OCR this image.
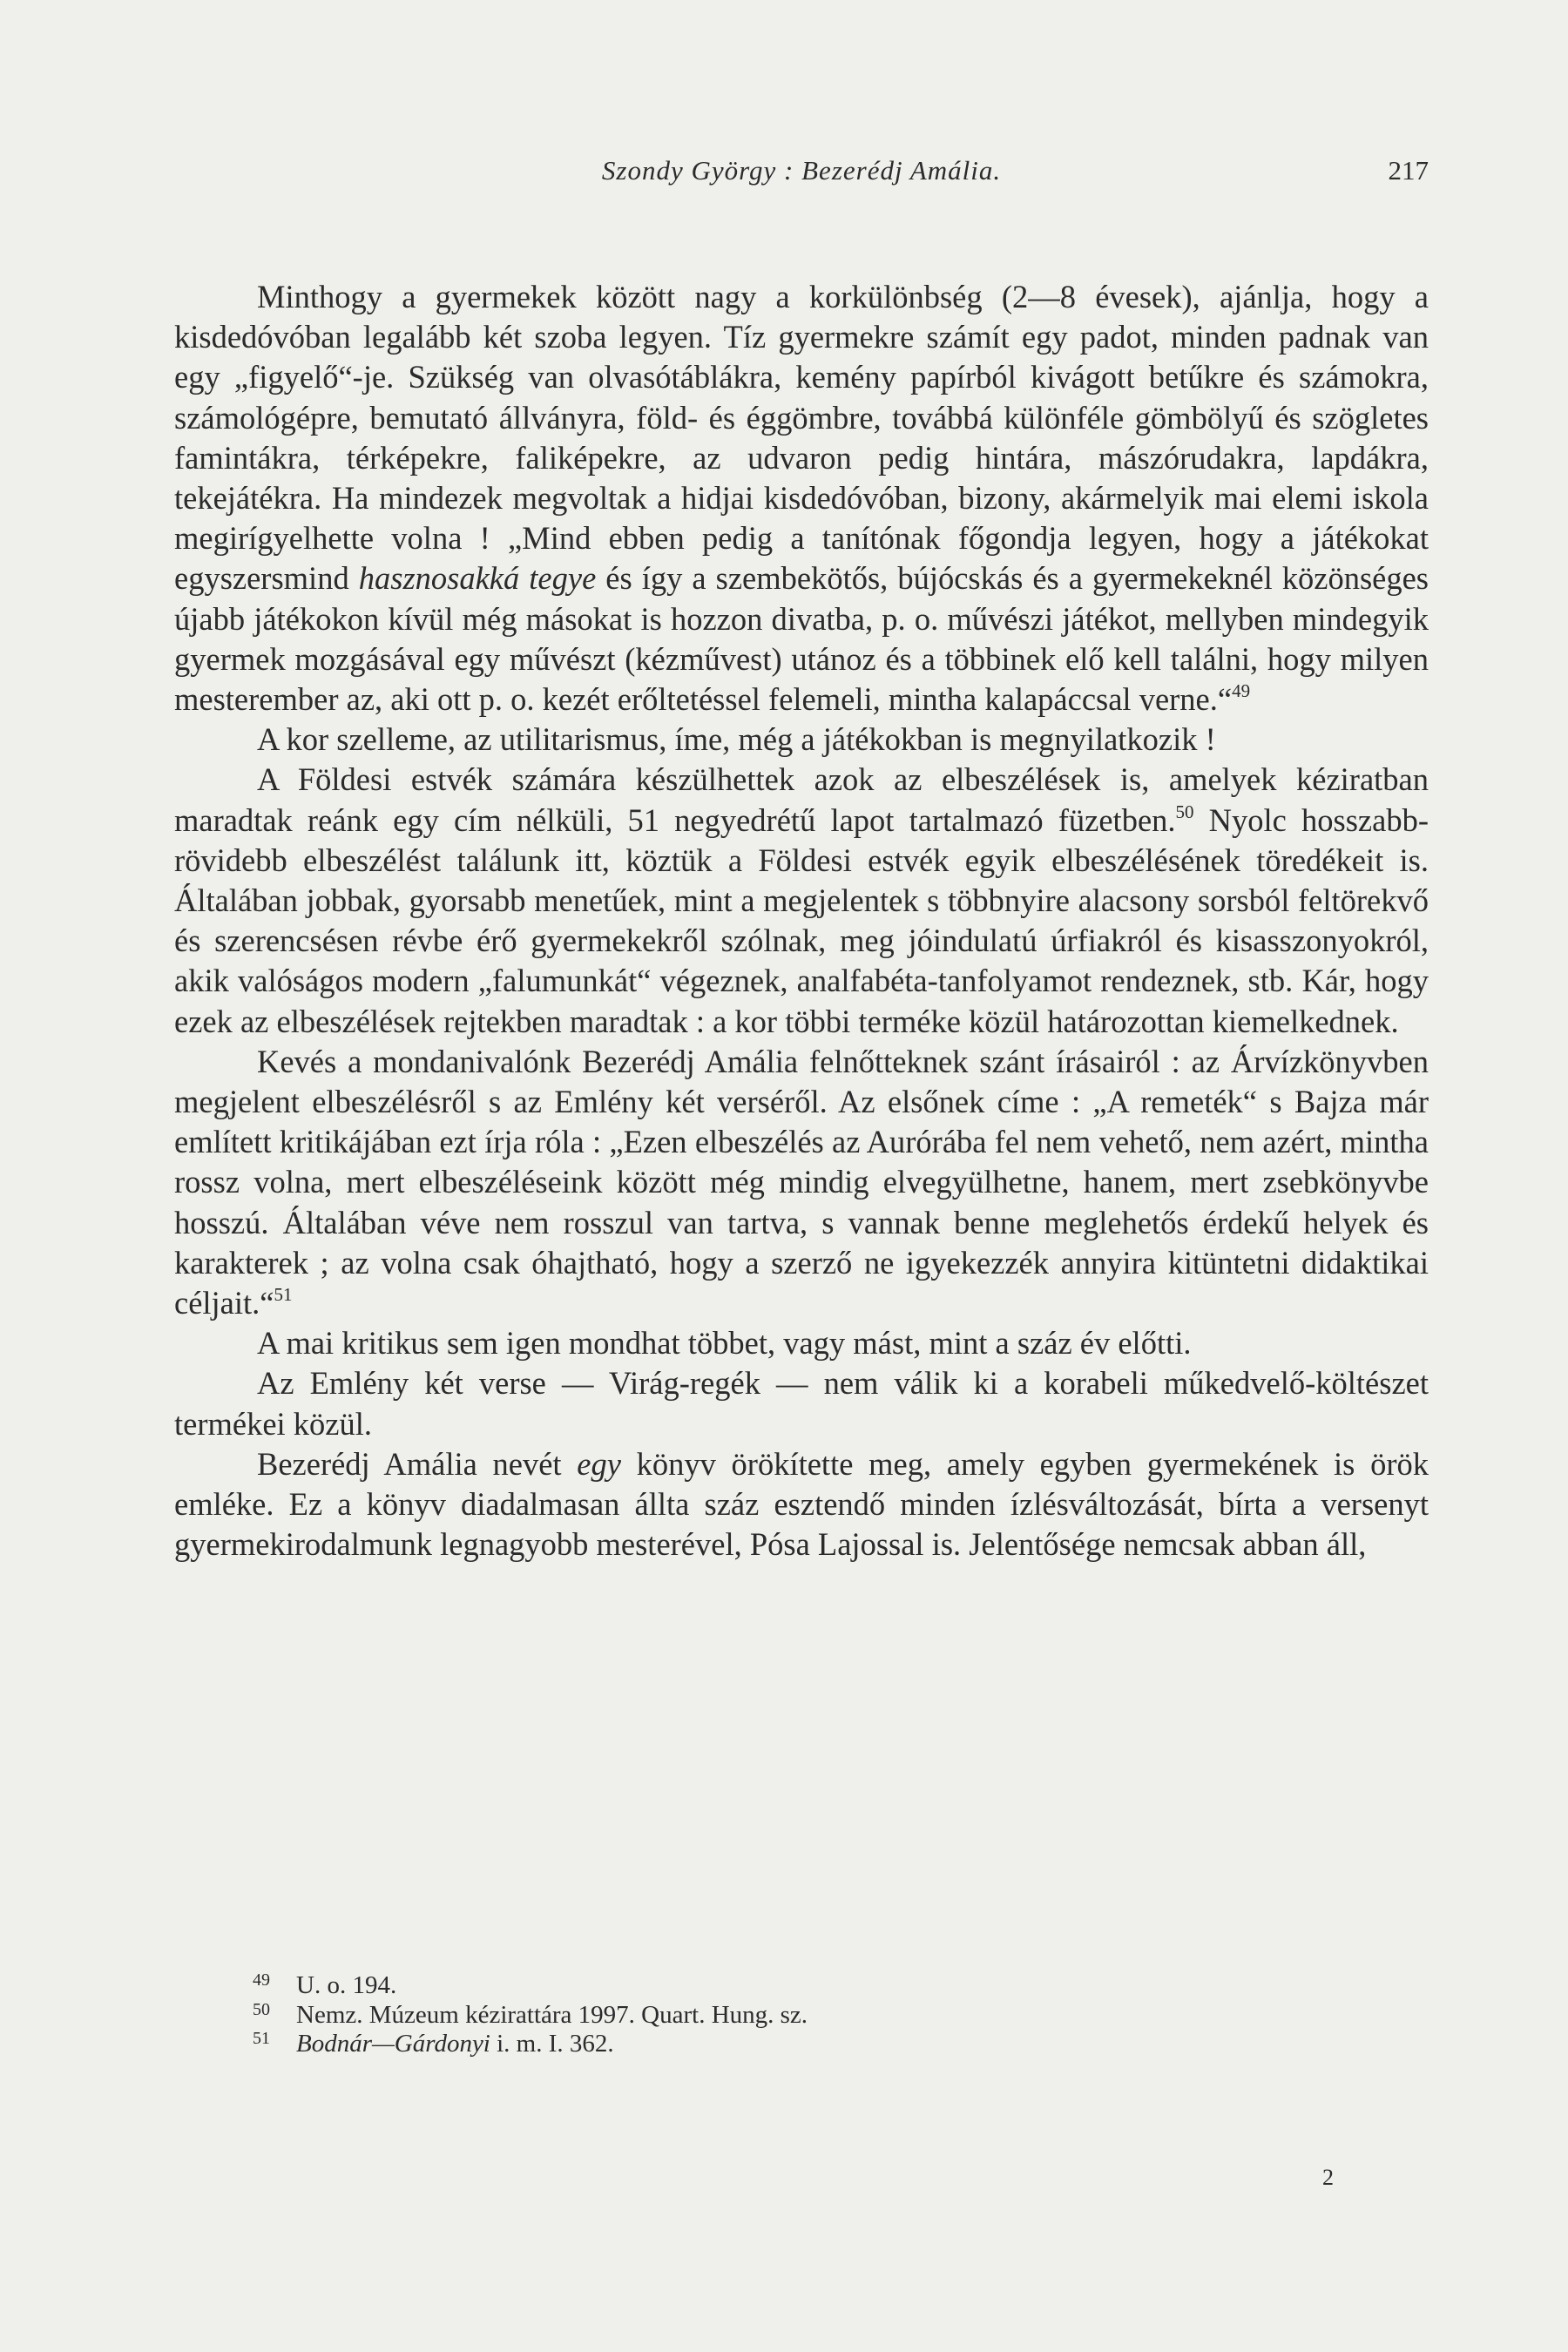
Szondy György : Bezerédj Amália.	217

Minthogy a gyermekek között nagy a korkülönbség (2—8 évesek), ajánlja, hogy a kisdedóvóban legalább két szoba legyen. Tíz gyermekre számít egy padot, minden padnak van egy „figyelő“-je. Szükség van olvasótáblákra, kemény papírból kivágott betűkre és számokra, számológépre, bemutató állványra, föld- és éggömbre, továbbá különféle gömbölyű és szögletes famintákra, térképekre, faliképekre, az udvaron pedig hintára, mászórudakra, lapdákra, tekejátékra. Ha mindezek megvoltak a hidjai kisdedóvóban, bizony, akármelyik mai elemi iskola megirígyelhette volna ! „Mind ebben pedig a tanítónak főgondja legyen, hogy a játékokat egyszersmind hasznosakká tegye és így a szembekötős, bújócskás és a gyermekeknél közönséges újabb játékokon kívül még másokat is hozzon divatba, p. o. művészi játékot, mellyben mindegyik gyermek mozgásával egy művészt (kézművest) utánoz és a többinek elő kell találni, hogy milyen mesterember az, aki ott p. o. kezét erőltetéssel felemeli, mintha kalapáccsal verne.“$^{49}$

A kor szelleme, az utilitarismus, íme, még a játékokban is megnyilatkozik !

A Földesi estvék számára készülhettek azok az elbeszélések is, amelyek kéziratban maradtak reánk egy cím nélküli, 51 negyedrétű lapot tartalmazó füzetben.$^{50}$ Nyolc hosszabb-rövidebb elbeszélést találunk itt, köztük a Földesi estvék egyik elbeszélésének töredékeit is. Általában jobbak, gyorsabb menetűek, mint a megjelentek s többnyire alacsony sorsból feltörekvő és szerencsésen révbe érő gyermekekről szólnak, meg jóindulatú úrfiakról és kisasszonyokról, akik valóságos modern „falumunkát“ végeznek, analfabéta-tanfolyamot rendeznek, stb. Kár, hogy ezek az elbeszélések rejtekben maradtak : a kor többi terméke közül határozottan kiemelkednek.

Kevés a mondanivalónk Bezerédj Amália felnőtteknek szánt írásairól : az Árvízkönyvben megjelent elbeszélésről s az Emlény két verséről. Az elsőnek címe : „A remeték“ s Bajza már említett kritikájában ezt írja róla : „Ezen elbeszélés az Aurórába fel nem vehető, nem azért, mintha rossz volna, mert elbeszéléseink között még mindig elvegyülhetne, hanem, mert zsebkönyvbe hosszú. Általában véve nem rosszul van tartva, s vannak benne meglehetős érdekű helyek és karakterek ; az volna csak óhajtható, hogy a szerző ne igyekezzék annyira kitüntetni didaktikai céljait.“$^{51}$

A mai kritikus sem igen mondhat többet, vagy mást, mint a száz év előtti.

Az Emlény két verse — Virág-regék — nem válik ki a korabeli műkedvelő-költészet termékei közül.

Bezerédj Amália nevét egy könyv örökítette meg, amely egyben gyermekének is örök emléke. Ez a könyv diadalmasan állta száz esztendő minden ízlésváltozását, bírta a versenyt gyermekirodalmunk legnagyobb mesterével, Pósa Lajossal is. Jelentősége nemcsak abban áll,

49	U. o. 194.
50	Nemz. Múzeum kézirattára 1997. Quart. Hung. sz.
51	Bodnár—Gárdonyi i. m. I. 362.
2
